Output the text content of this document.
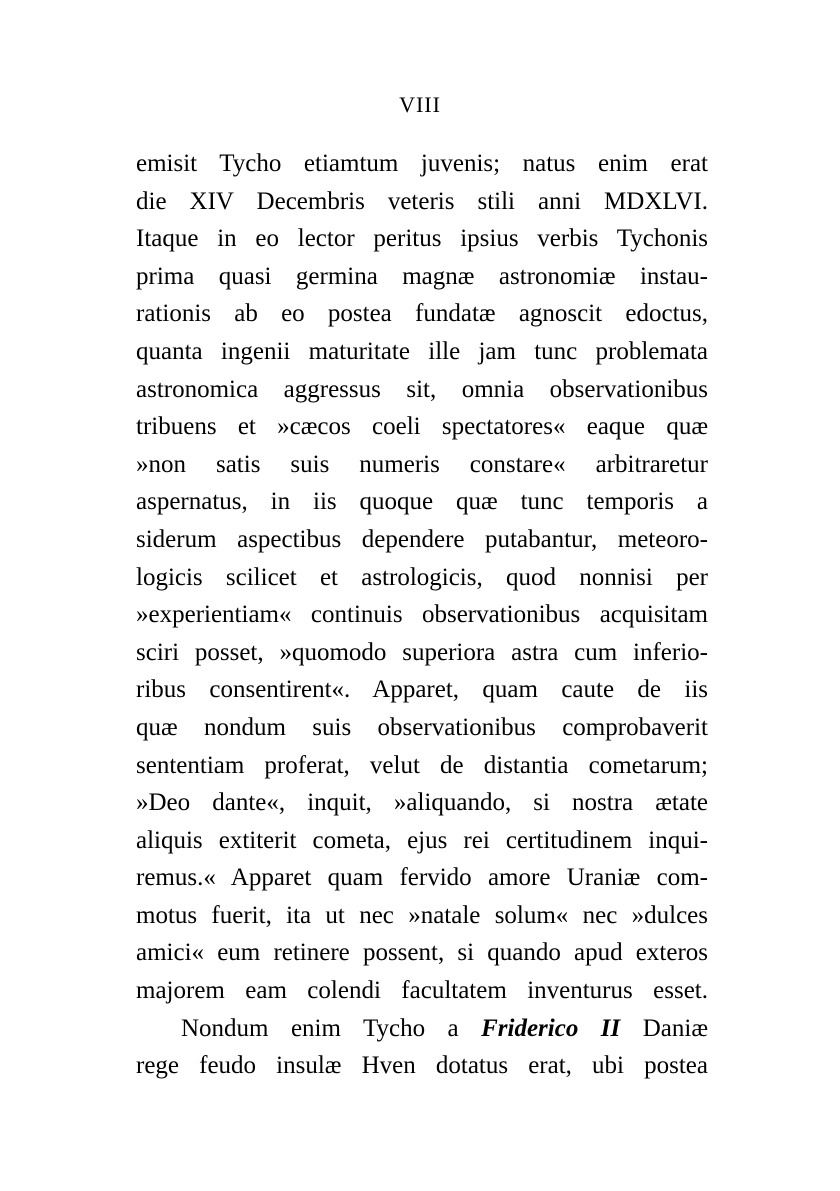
VIII
emisit Tycho etiamtum juvenis; natus enim erat
die XIV Decembris veteris stili anni MDXLVI.
Itaque in eo lector peritus ipsius verbis Tychonis
prima quasi germina magnæ astronomiæ instau-
rationis ab eo postea fundatæ agnoscit edoctus,
quanta ingenii maturitate ille jam tunc problemata
astronomica aggressus sit, omnia observationibus
tribuens et »cæcos coeli spectatores« eaque quæ
»non satis suis numeris constare« arbitraretur
aspernatus, in iis quoque quæ tunc temporis a
siderum aspectibus dependere putabantur, meteoro-
logicis scilicet et astrologicis, quod nonnisi per
»experientiam« continuis observationibus acquisitam
sciri posset, »quomodo superiora astra cum inferio-
ribus consentirent«. Apparet, quam caute de iis
quæ nondum suis observationibus comprobaverit
sententiam proferat, velut de distantia cometarum;
»Deo dante«, inquit, »aliquando, si nostra ætate
aliquis extiterit cometa, ejus rei certitudinem inqui-
remus.« Apparet quam fervido amore Uraniæ com-
motus fuerit, ita ut nec »natale solum« nec »dulces
amici« eum retinere possent, si quando apud exteros
majorem eam colendi facultatem inventurus esset.
Nondum enim Tycho a Friderico II Daniæ
rege feudo insulæ Hven dotatus erat, ubi postea
